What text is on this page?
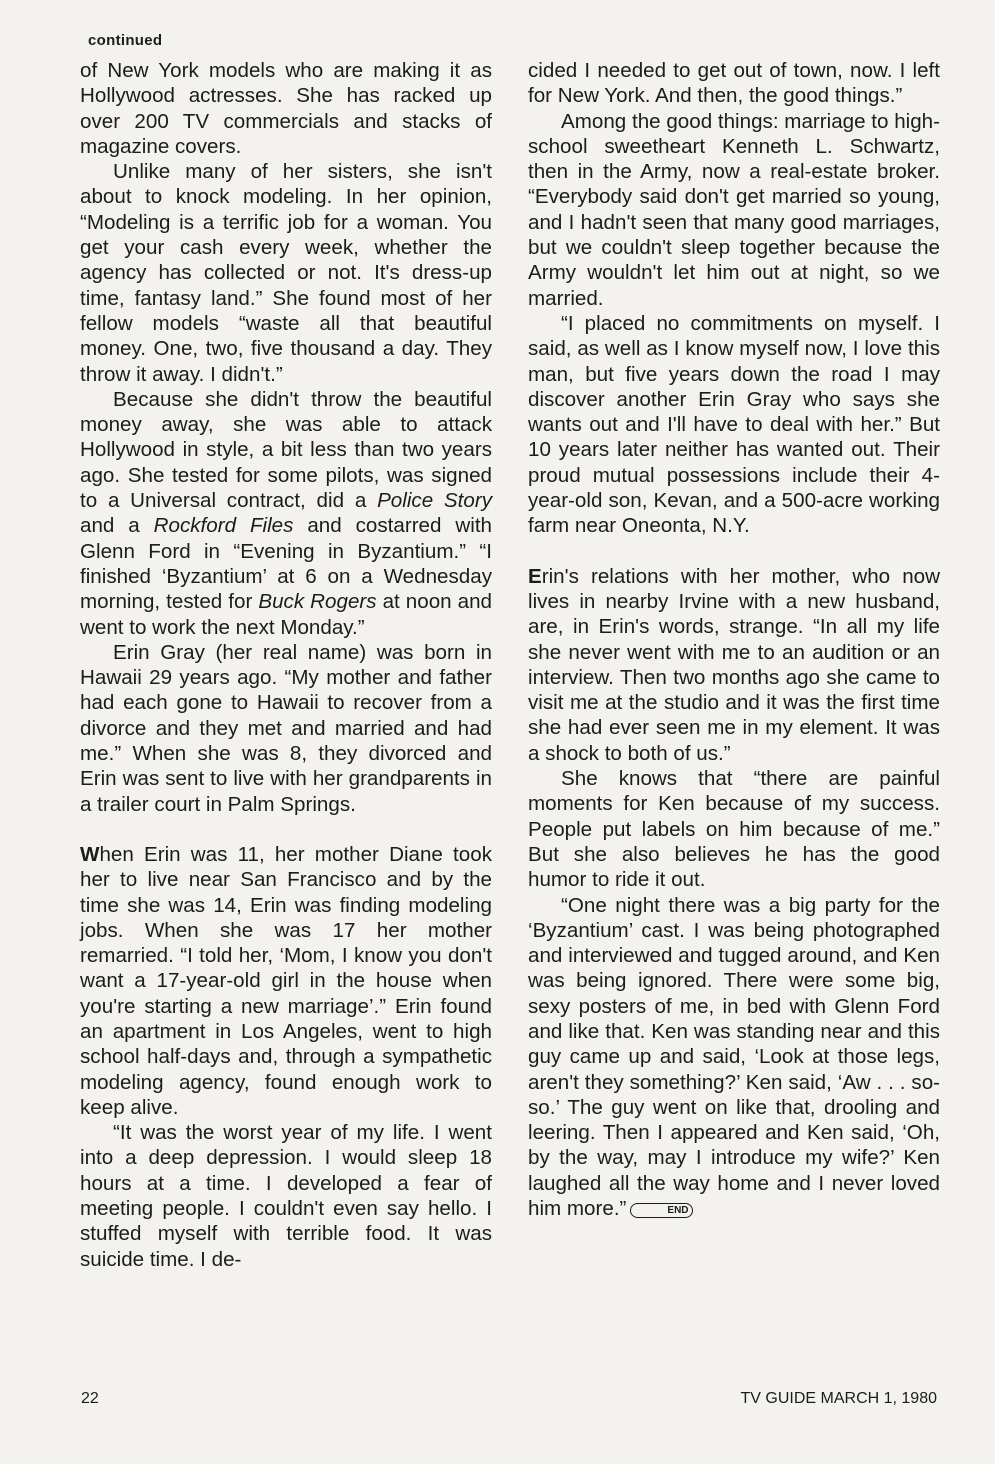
continued

of New York models who are making it as Hollywood actresses. She has racked up over 200 TV commercials and stacks of magazine covers.

Unlike many of her sisters, she isn't about to knock modeling. In her opinion, “Modeling is a terrific job for a woman. You get your cash every week, whether the agency has collected or not. It's dress-up time, fantasy land.” She found most of her fellow models “waste all that beautiful money. One, two, five thousand a day. They throw it away. I didn't.”

Because she didn't throw the beautiful money away, she was able to attack Hollywood in style, a bit less than two years ago. She tested for some pilots, was signed to a Universal contract, did a Police Story and a Rockford Files and costarred with Glenn Ford in “Evening in Byzantium.” “I finished ‘Byzantium’ at 6 on a Wednesday morning, tested for Buck Rogers at noon and went to work the next Monday.”

Erin Gray (her real name) was born in Hawaii 29 years ago. “My mother and father had each gone to Hawaii to recover from a divorce and they met and married and had me.” When she was 8, they divorced and Erin was sent to live with her grandparents in a trailer court in Palm Springs.

When Erin was 11, her mother Diane took her to live near San Francisco and by the time she was 14, Erin was finding modeling jobs. When she was 17 her mother remarried. “I told her, ‘Mom, I know you don't want a 17-year-old girl in the house when you're starting a new marriage’.” Erin found an apartment in Los Angeles, went to high school half-days and, through a sympathetic modeling agency, found enough work to keep alive.

“It was the worst year of my life. I went into a deep depression. I would sleep 18 hours at a time. I developed a fear of meeting people. I couldn't even say hello. I stuffed myself with terrible food. It was suicide time. I de-

cided I needed to get out of town, now. I left for New York. And then, the good things.”

Among the good things: marriage to high-school sweetheart Kenneth L. Schwartz, then in the Army, now a real-estate broker. “Everybody said don't get married so young, and I hadn't seen that many good marriages, but we couldn't sleep together because the Army wouldn't let him out at night, so we married.

“I placed no commitments on myself. I said, as well as I know myself now, I love this man, but five years down the road I may discover another Erin Gray who says she wants out and I'll have to deal with her.” But 10 years later neither has wanted out. Their proud mutual possessions include their 4-year-old son, Kevan, and a 500-acre working farm near Oneonta, N.Y.

Erin's relations with her mother, who now lives in nearby Irvine with a new husband, are, in Erin's words, strange. “In all my life she never went with me to an audition or an interview. Then two months ago she came to visit me at the studio and it was the first time she had ever seen me in my element. It was a shock to both of us.”

She knows that “there are painful moments for Ken because of my success. People put labels on him because of me.” But she also believes he has the good humor to ride it out.

“One night there was a big party for the ‘Byzantium’ cast. I was being photographed and interviewed and tugged around, and Ken was being ignored. There were some big, sexy posters of me, in bed with Glenn Ford and like that. Ken was standing near and this guy came up and said, ‘Look at those legs, aren't they something?’ Ken said, ‘Aw . . . so-so.’ The guy went on like that, drooling and leering. Then I appeared and Ken said, ‘Oh, by the way, may I introduce my wife?’ Ken laughed all the way home and I never loved him more.”	END

22	TV GUIDE MARCH 1, 1980
